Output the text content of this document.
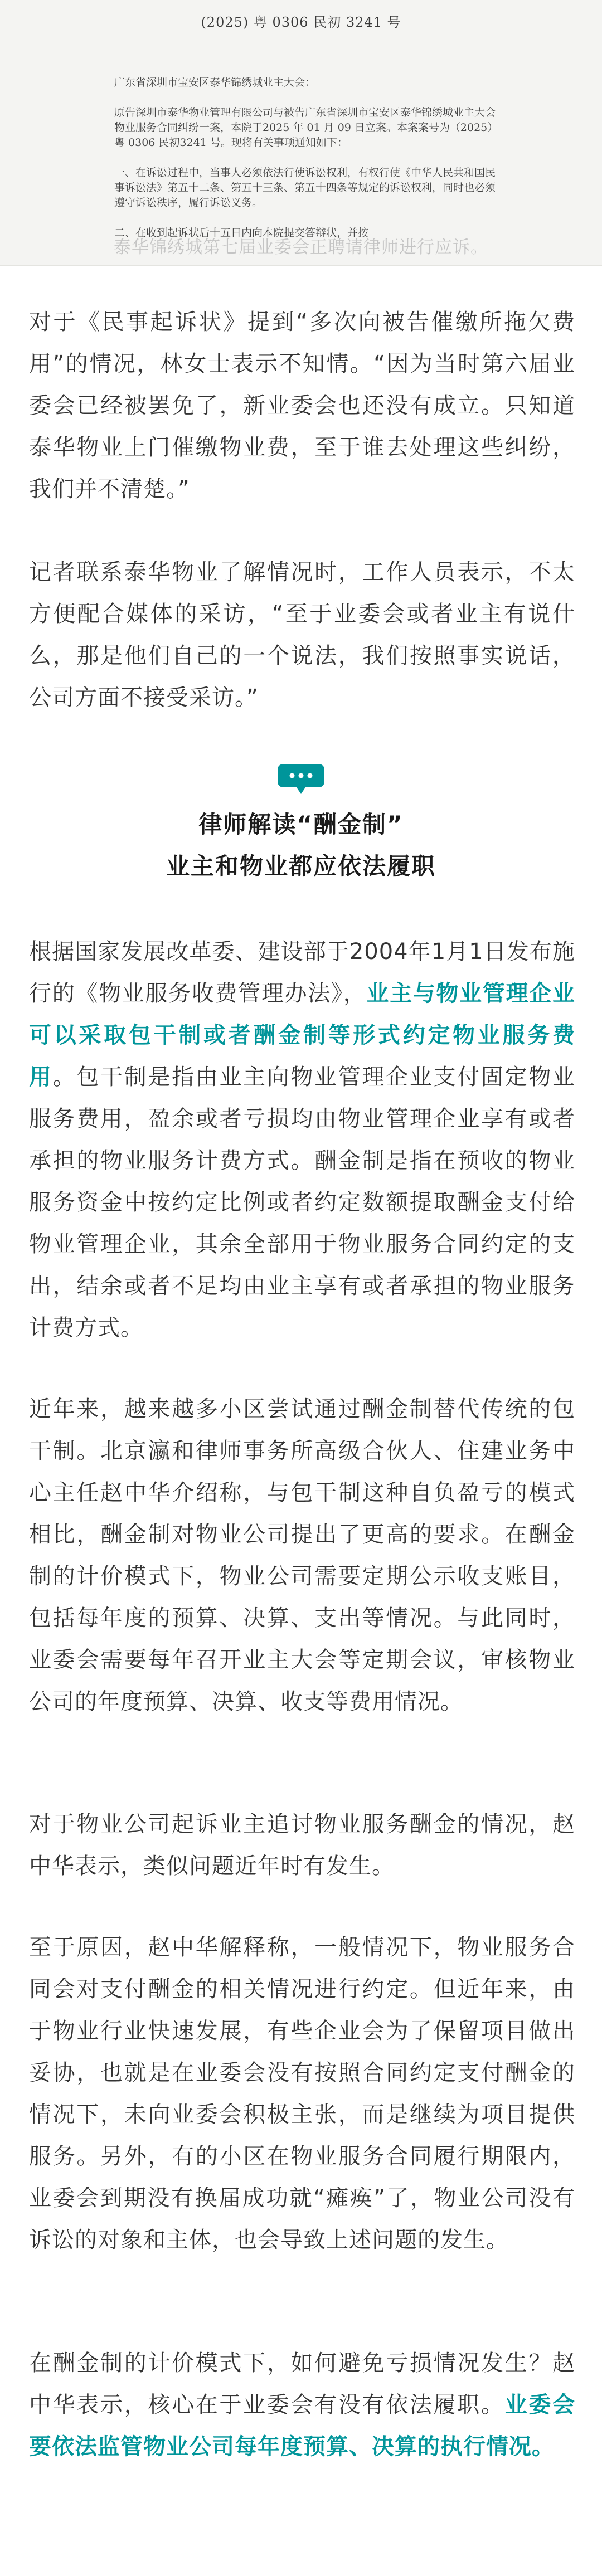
(2025) 粤 0306 民初 3241 号

广东省深圳市宝安区泰华锦绣城业主大会：

原告深圳市泰华物业管理有限公司与被告广东省深圳市宝安区泰华锦绣城业主大会物业服务合同纠纷一案，本院于2025 年 01 月 09 日立案。本案案号为（2025）粤 0306 民初3241 号。现将有关事项通知如下：

一、在诉讼过程中，当事人必须依法行使诉讼权利，有权行使《中华人民共和国民事诉讼法》第五十二条、第五十三条、第五十四条等规定的诉讼权利，同时也必须遵守诉讼秩序，履行诉讼义务。

二、在收到起诉状后十五日内向本院提交答辩状，并按

泰华锦绣城第七届业委会正聘请律师进行应诉。

对于《民事起诉状》提到“多次向被告催缴所拖欠费用”的情况，林女士表示不知情。“因为当时第六届业委会已经被罢免了，新业委会也还没有成立。只知道泰华物业上门催缴物业费，至于谁去处理这些纠纷，我们并不清楚。”

记者联系泰华物业了解情况时，工作人员表示，不太方便配合媒体的采访，“至于业委会或者业主有说什么，那是他们自己的一个说法，我们按照事实说话，公司方面不接受采访。”

律师解读“酬金制”
业主和物业都应依法履职

根据国家发展改革委、建设部于2004年1月1日发布施行的《物业服务收费管理办法》，业主与物业管理企业可以采取包干制或者酬金制等形式约定物业服务费用。包干制是指由业主向物业管理企业支付固定物业服务费用，盈余或者亏损均由物业管理企业享有或者承担的物业服务计费方式。酬金制是指在预收的物业服务资金中按约定比例或者约定数额提取酬金支付给物业管理企业，其余全部用于物业服务合同约定的支出，结余或者不足均由业主享有或者承担的物业服务计费方式。

近年来，越来越多小区尝试通过酬金制替代传统的包干制。北京瀛和律师事务所高级合伙人、住建业务中心主任赵中华介绍称，与包干制这种自负盈亏的模式相比，酬金制对物业公司提出了更高的要求。在酬金制的计价模式下，物业公司需要定期公示收支账目，包括每年度的预算、决算、支出等情况。与此同时，业委会需要每年召开业主大会等定期会议，审核物业公司的年度预算、决算、收支等费用情况。

对于物业公司起诉业主追讨物业服务酬金的情况，赵中华表示，类似问题近年时有发生。

至于原因，赵中华解释称，一般情况下，物业服务合同会对支付酬金的相关情况进行约定。但近年来，由于物业行业快速发展，有些企业会为了保留项目做出妥协，也就是在业委会没有按照合同约定支付酬金的情况下，未向业委会积极主张，而是继续为项目提供服务。另外，有的小区在物业服务合同履行期限内，业委会到期没有换届成功就“瘫痪”了，物业公司没有诉讼的对象和主体，也会导致上述问题的发生。

在酬金制的计价模式下，如何避免亏损情况发生？赵中华表示，核心在于业委会有没有依法履职。业委会要依法监管物业公司每年度预算、决算的执行情况。
